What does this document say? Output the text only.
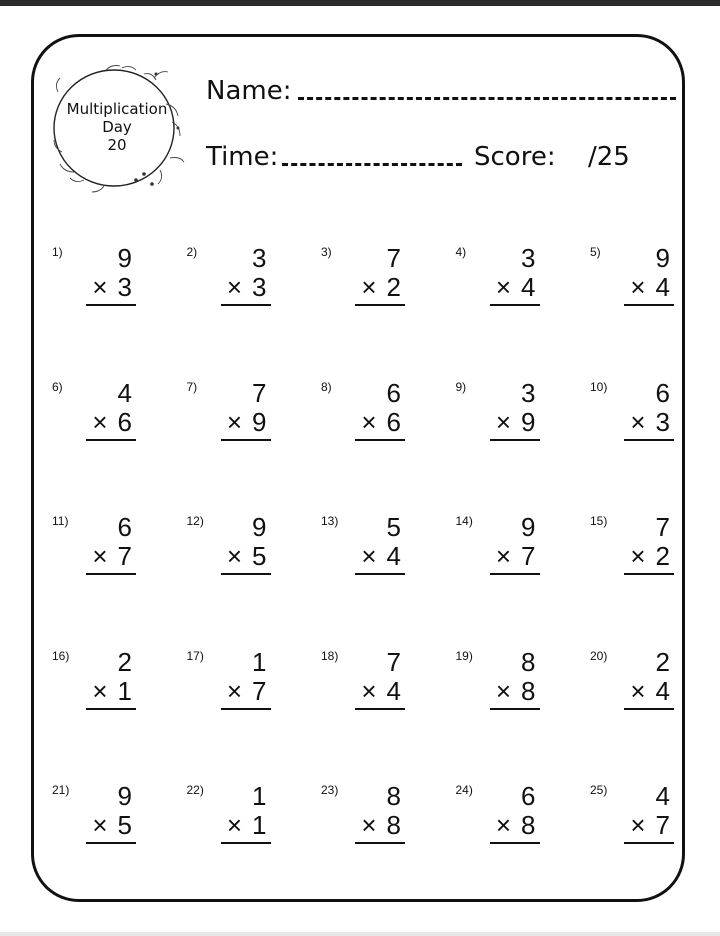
Multiplication
Day
20
Name:
Time:	Score: /25
1) 9
× 3
2) 3
× 3
3) 7
× 2
4) 3
× 4
5) 9
× 4
6) 4
× 6
7) 7
× 9
8) 6
× 6
9) 3
× 9
10) 6
× 3
11) 6
× 7
12) 9
× 5
13) 5
× 4
14) 9
× 7
15) 7
× 2
16) 2
× 1
17) 1
× 7
18) 7
× 4
19) 8
× 8
20) 2
× 4
21) 9
× 5
22) 1
× 1
23) 8
× 8
24) 6
× 8
25) 4
× 7
